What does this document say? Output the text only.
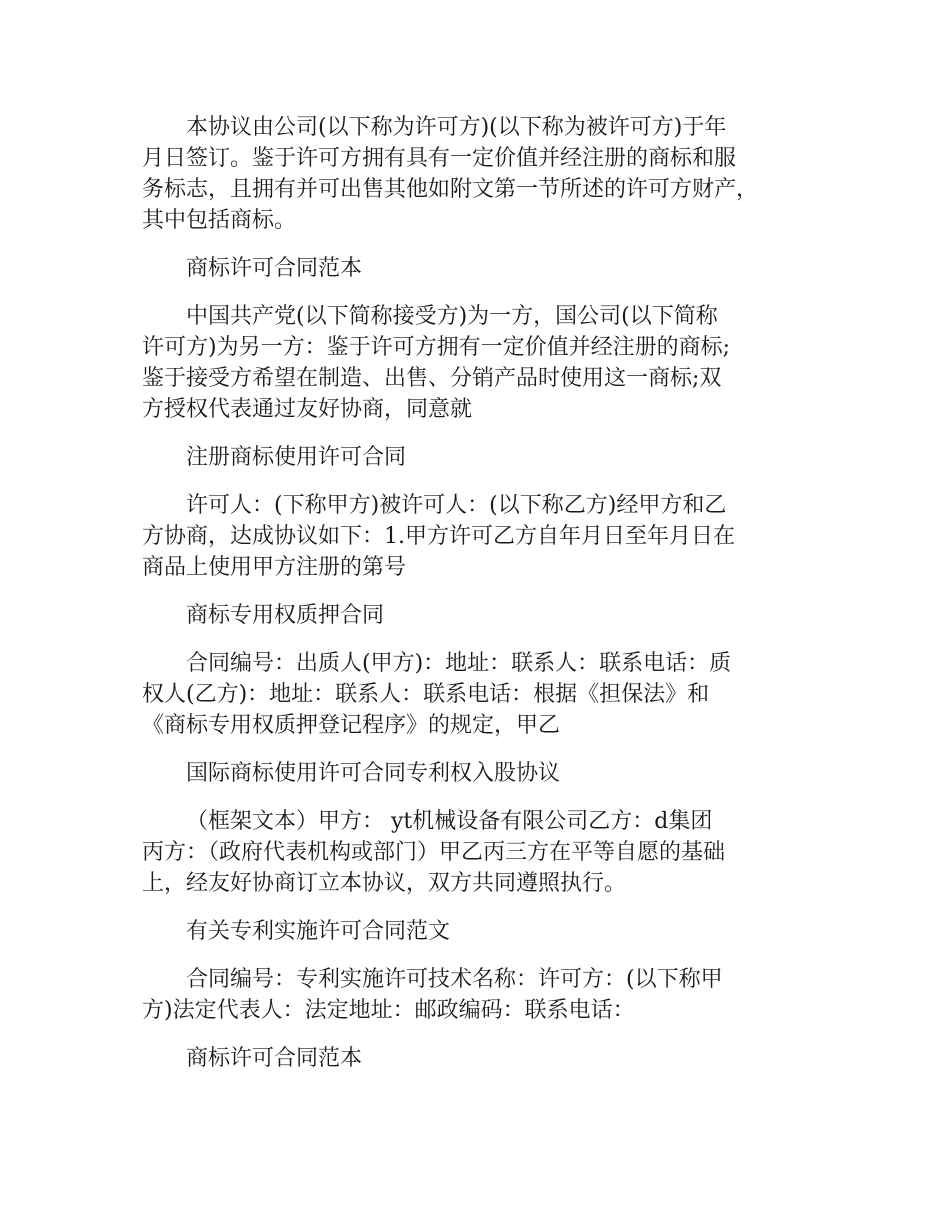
本协议由公司(以下称为许可方)(以下称为被许可方)于年
月日签订。鉴于许可方拥有具有一定价值并经注册的商标和服
务标志，且拥有并可出售其他如附文第一节所述的许可方财产，
其中包括商标。

商标许可合同范本

中国共产党(以下简称接受方)为一方，国公司(以下简称
许可方)为另一方：鉴于许可方拥有一定价值并经注册的商标;
鉴于接受方希望在制造、出售、分销产品时使用这一商标;双
方授权代表通过友好协商，同意就

注册商标使用许可合同

许可人：(下称甲方)被许可人：(以下称乙方)经甲方和乙
方协商，达成协议如下：1.甲方许可乙方自年月日至年月日在
商品上使用甲方注册的第号

商标专用权质押合同

合同编号：出质人(甲方)：地址：联系人：联系电话：质
权人(乙方)：地址：联系人：联系电话：根据《担保法》和
《商标专用权质押登记程序》的规定，甲乙

国际商标使用许可合同专利权入股协议

（框架文本）甲方： yt机械设备有限公司乙方：d集团
丙方：（政府代表机构或部门）甲乙丙三方在平等自愿的基础
上，经友好协商订立本协议，双方共同遵照执行。

有关专利实施许可合同范文

合同编号：专利实施许可技术名称：许可方：(以下称甲
方)法定代表人：法定地址：邮政编码：联系电话：

商标许可合同范本
